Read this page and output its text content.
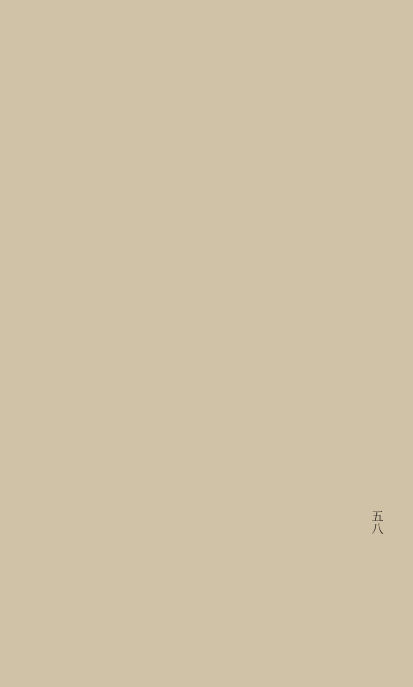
五八
